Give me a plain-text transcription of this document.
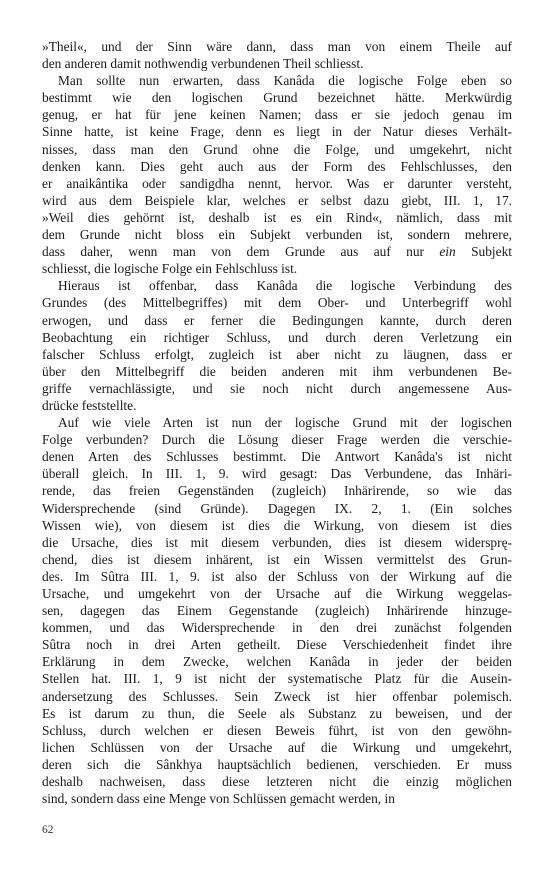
»Theil«, und der Sinn wäre dann, dass man von einem Theile auf
den anderen damit nothwendig verbundenen Theil schliesst.
Man sollte nun erwarten, dass Kanâda die logische Folge eben so
bestimmt wie den logischen Grund bezeichnet hätte. Merkwürdig
genug, er hat für jene keinen Namen; dass er sie jedoch genau im
Sinne hatte, ist keine Frage, denn es liegt in der Natur dieses Verhält-
nisses, dass man den Grund ohne die Folge, und umgekehrt, nicht
denken kann. Dies geht auch aus der Form des Fehlschlusses, den
er anaikântika oder sandigdha nennt, hervor. Was er darunter versteht,
wird aus dem Beispiele klar, welches er selbst dazu giebt, III. 1, 17.
»Weil dies gehörnt ist, deshalb ist es ein Rind«, nämlich, dass mit
dem Grunde nicht bloss ein Subjekt verbunden ist, sondern mehrere,
dass daher, wenn man von dem Grunde aus auf nur ein Subjekt
schliesst, die logische Folge ein Fehlschluss ist.
Hieraus ist offenbar, dass Kanâda die logische Verbindung des
Grundes (des Mittelbegriffes) mit dem Ober- und Unterbegriff wohl
erwogen, und dass er ferner die Bedingungen kannte, durch deren
Beobachtung ein richtiger Schluss, und durch deren Verletzung ein
falscher Schluss erfolgt, zugleich ist aber nicht zu läugnen, dass er
über den Mittelbegriff die beiden anderen mit ihm verbundenen Be-
griffe vernachlässigte, und sie noch nicht durch angemessene Aus-
drücke feststellte.
Auf wie viele Arten ist nun der logische Grund mit der logischen
Folge verbunden? Durch die Lösung dieser Frage werden die verschie-
denen Arten des Schlusses bestimmt. Die Antwort Kanâda's ist nicht
überall gleich. In III. 1, 9. wird gesagt: Das Verbundene, das Inhäri-
rende, das freien Gegenständen (zugleich) Inhärirende, so wie das
Widersprechende (sind Gründe). Dagegen IX. 2, 1. (Ein solches
Wissen wie), von diesem ist dies die Wirkung, von diesem ist dies
die Ursache, dies ist mit diesem verbunden, dies ist diesem widersprę-
chend, dies ist diesem inhärent, ist ein Wissen vermittelst des Grun-
des. Im Sûtra III. 1, 9. ist also der Schluss von der Wirkung auf die
Ursache, und umgekehrt von der Ursache auf die Wirkung weggelas-
sen, dagegen das Einem Gegenstande (zugleich) Inhärirende hinzuge-
kommen, und das Widersprechende in den drei zunächst folgenden
Sûtra noch in drei Arten getheilt. Diese Verschiedenheit findet ihre
Erklärung in dem Zwecke, welchen Kanâda in jeder der beiden
Stellen hat. III. 1, 9 ist nicht der systematische Platz für die Ausein-
andersetzung des Schlusses. Sein Zweck ist hier offenbar polemisch.
Es ist darum zu thun, die Seele als Substanz zu beweisen, und der
Schluss, durch welchen er diesen Beweis führt, ist von den gewöhn-
lichen Schlüssen von der Ursache auf die Wirkung und umgekehrt,
deren sich die Sânkhya hauptsächlich bedienen, verschieden. Er muss
deshalb nachweisen, dass diese letzteren nicht die einzig möglichen
sind, sondern dass eine Menge von Schlüssen gemacht werden, in
62
